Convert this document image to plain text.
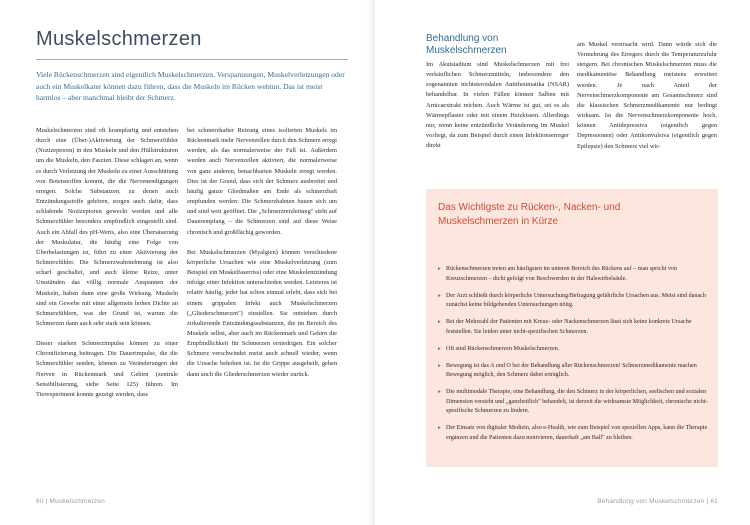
Muskelschmerzen

Viele Rückenschmerzen sind eigentlich Muskelschmerzen. Verspannungen, Muskelverletzungen oder auch ein Muskelkater können dazu führen, dass die Muskeln im Rücken wehtun. Das ist meist harmlos – aber manchmal bleibt der Schmerz.

Muskelschmerzen sind oft krampfartig und entstehen durch eine (Über-)Aktivierung der Schmerzfühler (Nozizeptoren) in den Muskeln und den Hüllstrukturen um die Muskeln, den Faszien. Diese schlagen an, wenn es durch Verletzung der Muskeln zu einer Ausschüttung von Botenstoffen kommt, die die Nervenendigungen erregen. Solche Substanzen, zu denen auch Entzündungsstoffe gehören, sorgen auch dafür, dass schlafende Nozizeptoren geweckt werden und alle Schmerzfühler besonders empfindlich eingestellt sind. Auch ein Abfall des pH-Werts, also eine Übersäuerung der Muskulatur, die häufig eine Folge von Überbelastungen ist, führt zu einer Aktivierung der Schmerzfühler. Die Schmerzwahrnehmung ist also scharf geschaltet, und auch kleine Reize, unter Umständen das völlig normale Anspannen der Muskeln, haben dann eine große Wirkung. Muskeln sind ein Gewebe mit einer allgemein hohen Dichte an Schmerzfühlern, was der Grund ist, warum die Schmerzen dann auch sehr stark sein können.

Dieser starken Schmerzimpulse können zu einer Chronifizierung beitragen. Die Dauerimpulse, die die Schmerzfühler senden, können zu Veränderungen der Nerven in Rückenmark und Gehirn (zentrale Sensibilisierung, siehe Seite 125) führen. Im Tierexperiment konnte gezeigt werden, dass

bei schmerzhafter Reizung eines isolierten Muskels im Rückenmark mehr Nervenzellen durch den Schmerz erregt werden, als das normalerweise der Fall ist. Außerdem werden auch Nervenzellen aktiviert, die normalerweise von ganz anderen, benachbarten Muskeln erregt werden. Dies ist der Grund, dass sich der Schmerz ausbreitet und häufig ganze Gliedmaßen am Ende als schmerzhaft empfunden werden: Die Schmerzbahnen bauen sich um und sind weit geöffnet. Die „Schmerzreizleitung" steht auf Dauerempfang – die Schmerzen sind auf diese Weise chronisch und großflächig geworden.

Bei Muskelschmerzen (Myalgien) können verschiedene körperliche Ursachen wie eine Muskelverletzung (zum Beispiel ein Muskelfaserriss) oder eine Muskelentzündung infolge einer Infektion unterschieden werden. Letzteres ist relativ häufig; jeder hat schon einmal erlebt, dass sich bei einem grippalen Infekt auch Muskelschmerzen („Gliederschmerzen") einstellen. Sie entstehen durch zirkulierende Entzündungssubstanzen, die im Bereich des Muskels selbst, aber auch im Rückenmark und Gehirn die Empfindlichkeit für Schmerzen erniedrigen. Ein solcher Schmerz verschwindet meist auch schnell wieder, wenn die Ursache behoben ist. Ist die Grippe ausgeheilt, gehen dann auch die Gliederschmerzen wieder zurück.

60 | Muskelschmerzen
Behandlung von Muskelschmerzen

Im Akutstadium sind Muskelschmerzen mit frei verkäuflichen Schmerzmitteln, insbesondere den sogenannten nichtsteroidalen Antirheumatika (NSAR) behandelbar. In vielen Fällen können Salben mit Arnicaextrakt reichen. Auch Wärme ist gut, sei es als Wärmepflaster oder mit einem Heizkissen. Allerdings nur, wenn keine entzündliche Veränderung im Muskel vorliegt, da zum Beispiel durch einen Infektionserreger direkt

am Muskel verursacht wird. Dann würde sich die Vermehrung des Erregers durch die Temperaturzufuhr steigern. Bei chronischen Muskelschmerzen muss die medikamentöse Behandlung meistens erweitert werden. Je nach Anteil der Nervenschmerzkomponente am Gesamtschmerz sind die klassischen Schmerzmedikamente nur bedingt wirksam. Ist die Nervenschmerzkomponente hoch, können Antidepressiva (eigentlich gegen Depressionen) oder Antikonvulsiva (eigentlich gegen Epilepsie) den Schmerz viel wir-

Das Wichtigste zu Rücken-, Nacken- und Muskelschmerzen in Kürze
▸ Rückenschmerzen treten am häufigsten im unteren Bereich des Rückens auf – man spricht von Kreuzschmerzen – dicht gefolgt von Beschwerden in der Halswirbelsäule.
▸ Der Arzt schließt durch körperliche Untersuchung/Befragung gefährliche Ursachen aus. Meist sind danach zunächst keine bildgebenden Untersuchungen nötig.
▸ Bei der Mehrzahl der Patienten mit Kreuz- oder Nackenschmerzen lässt sich keine konkrete Ursache feststellen. Sie leiden unter nicht-spezifischen Schmerzen.
▸ Oft sind Rückenschmerzen Muskelschmerzen.
▸ Bewegung ist das A und O bei der Behandlung aller Rückenschmerzen! Schmerzmedikamente machen Bewegung möglich, den Schmerz dabei erträglich.
▸ Die multimodale Therapie, eine Behandlung, die den Schmerz in der körperlichen, seelischen und sozialen Dimension versteht und „ganzheitlich" behandelt, ist derzeit die wirksamste Möglichkeit, chronische nicht-spezifische Schmerzen zu lindern.
▸ Der Einsatz von digitaler Medizin, also e-Health, wie zum Beispiel von speziellen Apps, kann die Therapie ergänzen und die Patienten dazu motivieren, dauerhaft „am Ball" zu bleiben.
Behandlung von Muskelschmerzen | 61
